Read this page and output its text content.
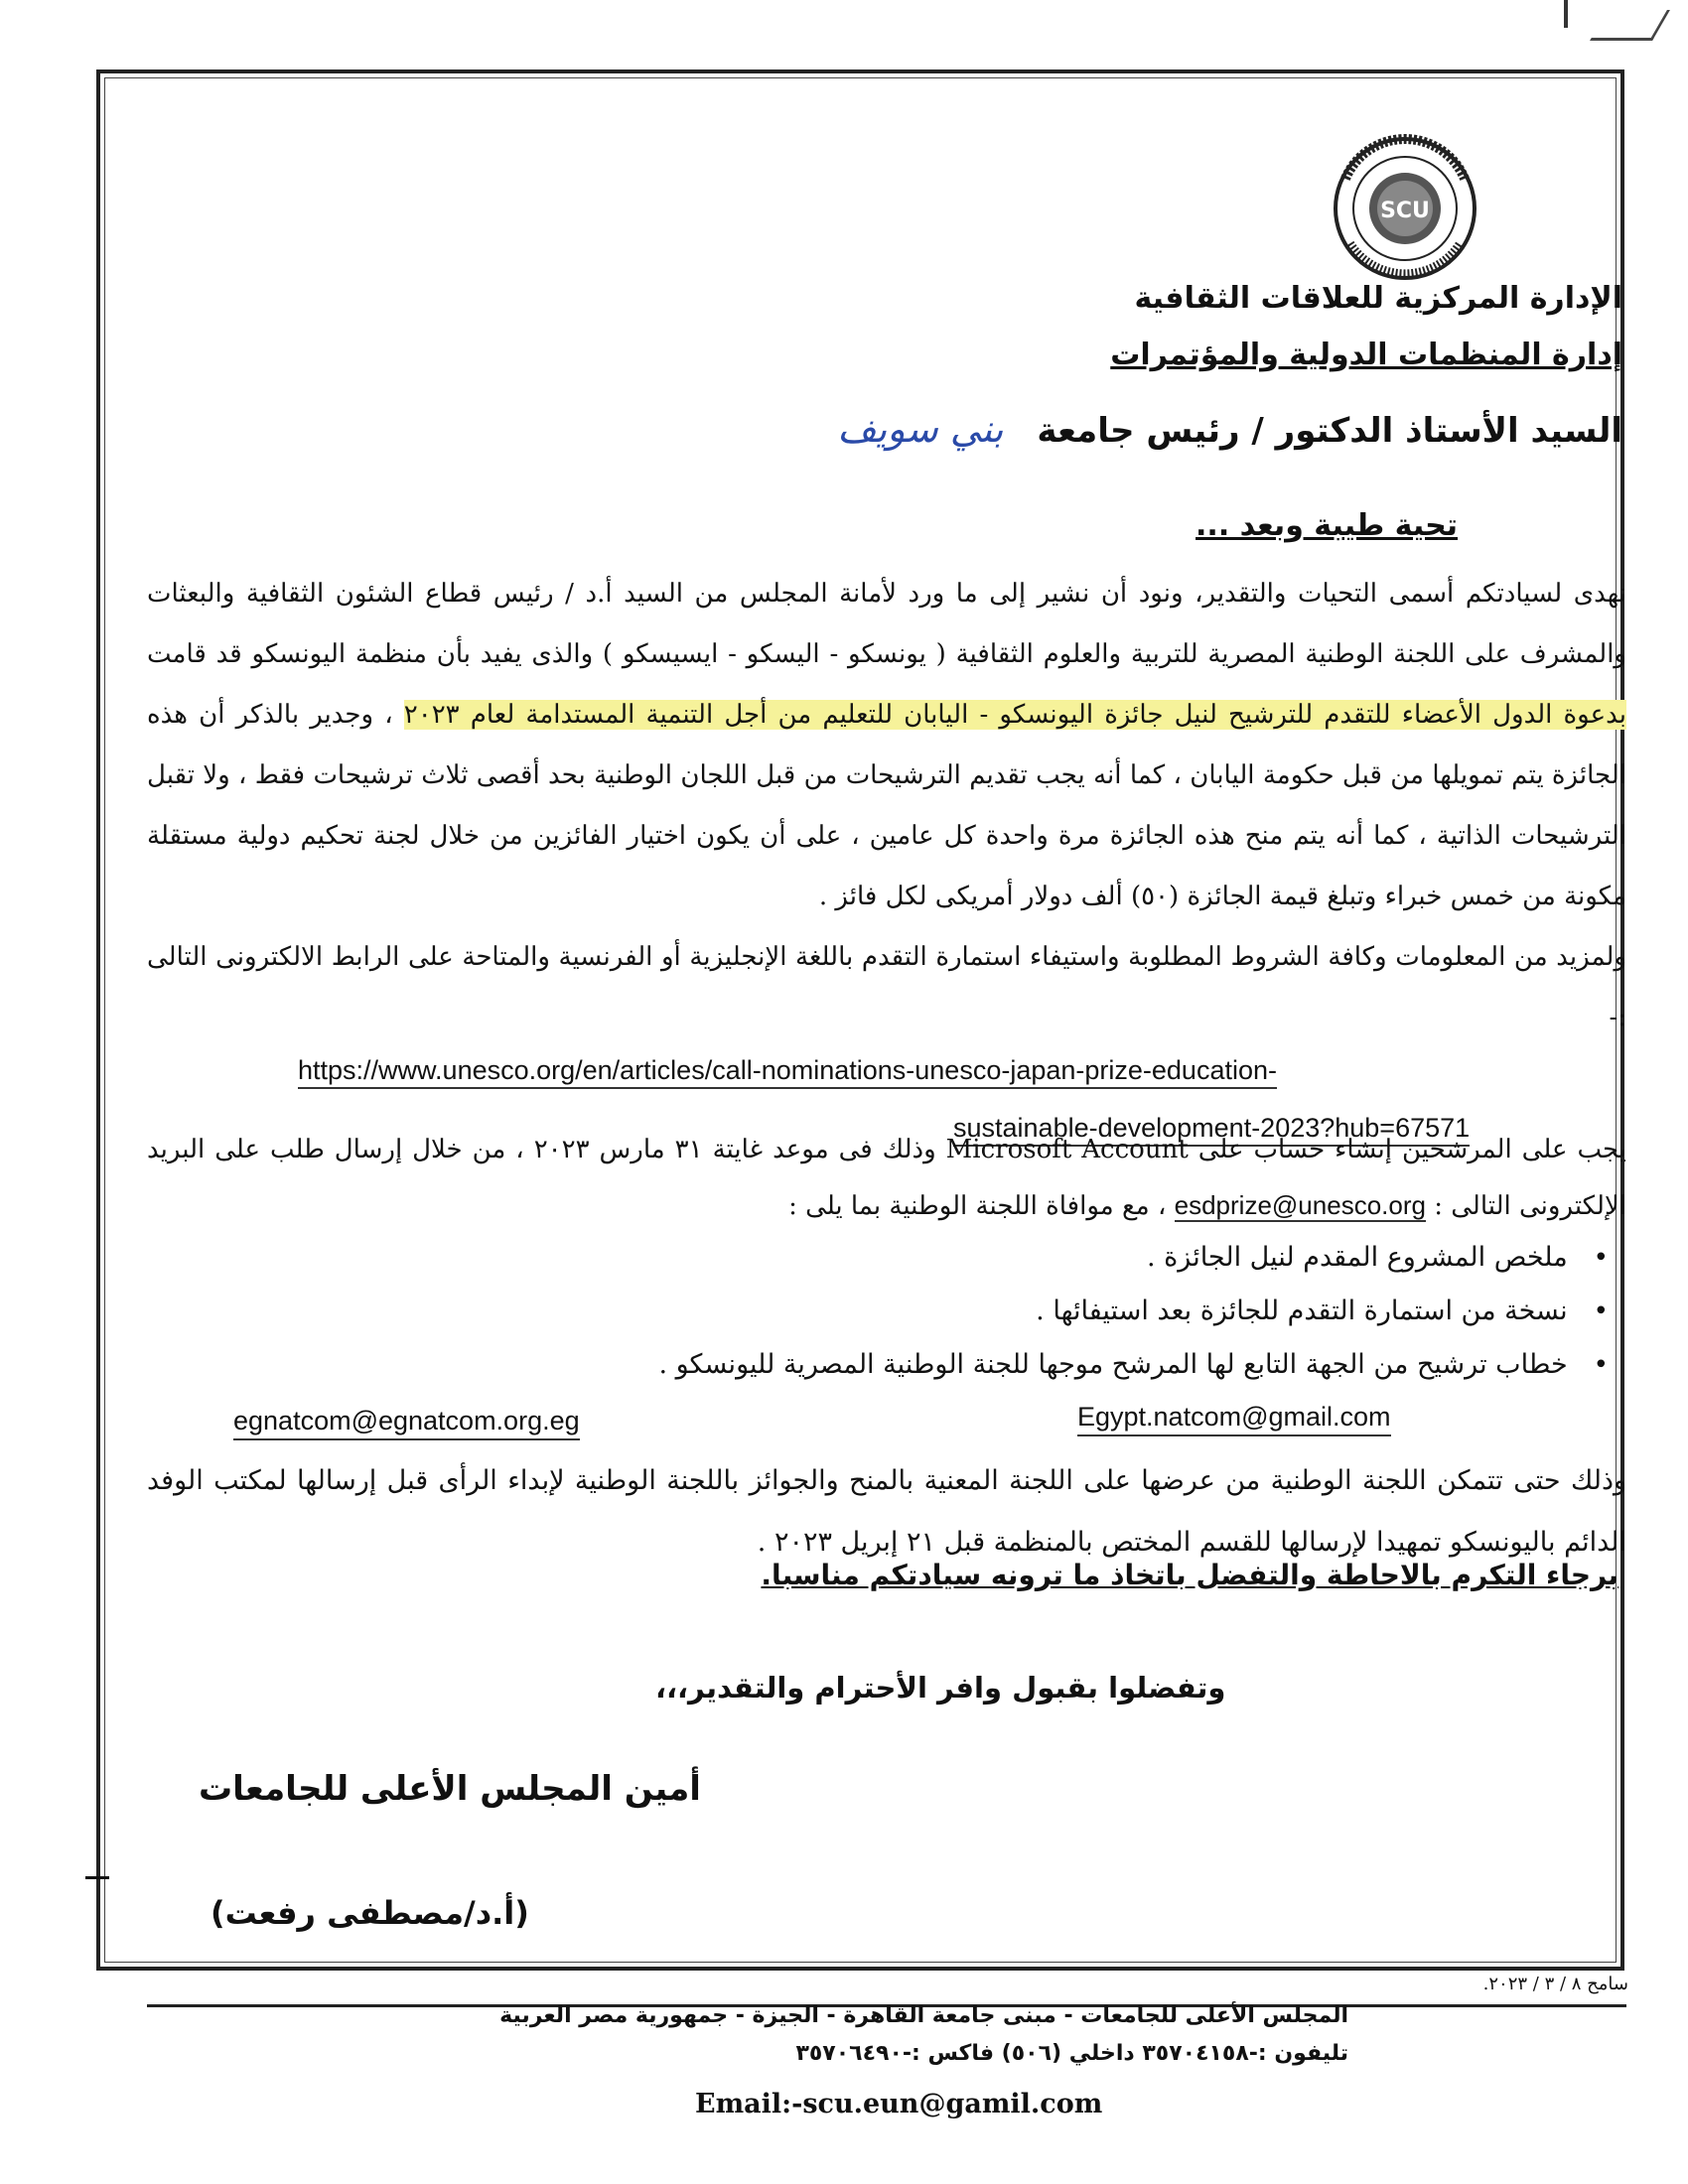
SCU
الإدارة المركزية للعلاقات الثقافية
إدارة المنظمات الدولية والمؤتمرات
السيد الأستاذ الدكتور / رئيس جامعة بني سويف
تحية طيبة وبعد ...
نهدى لسيادتكم أسمى التحيات والتقدير، ونود أن نشير إلى ما ورد لأمانة المجلس من السيد أ.د / رئيس قطاع الشئون الثقافية والبعثات والمشرف على اللجنة الوطنية المصرية للتربية والعلوم الثقافية ( يونسكو - اليسكو - ايسيسكو ) والذى يفيد بأن منظمة اليونسكو قد قامت بدعوة الدول الأعضاء للتقدم للترشيح لنيل جائزة اليونسكو - اليابان للتعليم من أجل التنمية المستدامة لعام ٢٠٢٣ ، وجدير بالذكر أن هذه الجائزة يتم تمويلها من قبل حكومة اليابان ، كما أنه يجب تقديم الترشيحات من قبل اللجان الوطنية بحد أقصى ثلاث ترشيحات فقط ، ولا تقبل الترشيحات الذاتية ، كما أنه يتم منح هذه الجائزة مرة واحدة كل عامين ، على أن يكون اختيار الفائزين من خلال لجنة تحكيم دولية مستقلة مكونة من خمس خبراء وتبلغ قيمة الجائزة (٥٠) ألف دولار أمريكى لكل فائز .
ولمزيد من المعلومات وكافة الشروط المطلوبة واستيفاء استمارة التقدم باللغة الإنجليزية أو الفرنسية والمتاحة على الرابط الالكترونى التالى :-
https://www.unesco.org/en/articles/call-nominations-unesco-japan-prize-education-
sustainable-development-2023?hub=67571
يجب على المرشحين إنشاء حساب على Microsoft Account وذلك فى موعد غايتة ٣١ مارس ٢٠٢٣ ، من خلال إرسال طلب على البريد الإلكترونى التالى : esdprize@unesco.org ، مع موافاة اللجنة الوطنية بما يلى :
• ملخص المشروع المقدم لنيل الجائزة .
• نسخة من استمارة التقدم للجائزة بعد استيفائها .
• خطاب ترشيح من الجهة التابع لها المرشح موجها للجنة الوطنية المصرية لليونسكو .
egnatcom@egnatcom.org.eg	Egypt.natcom@gmail.com
وذلك حتى تتمكن اللجنة الوطنية من عرضها على اللجنة المعنية بالمنح والجوائز باللجنة الوطنية لإبداء الرأى قبل إرسالها لمكتب الوفد الدائم باليونسكو تمهيدا لإرسالها للقسم المختص بالمنظمة قبل ٢١ إبريل ٢٠٢٣ .
برجاء التكرم بالاحاطة والتفضل باتخاذ ما ترونه سيادتكم مناسبا.
وتفضلوا بقبول وافر الأحترام والتقدير،،،
أمين المجلس الأعلى للجامعات
(أ.د/مصطفى رفعت)
سامح ٨ / ٣ / ٢٠٢٣.
المجلس الأعلى للجامعات - مبنى جامعة القاهرة - الجيزة - جمهورية مصر العربية
تليفون :-٣٥٧٠٤١٥٨ داخلي (٥٠٦) فاكس :-٣٥٧٠٦٤٩٠
Email:-scu.eun@gamil.com
